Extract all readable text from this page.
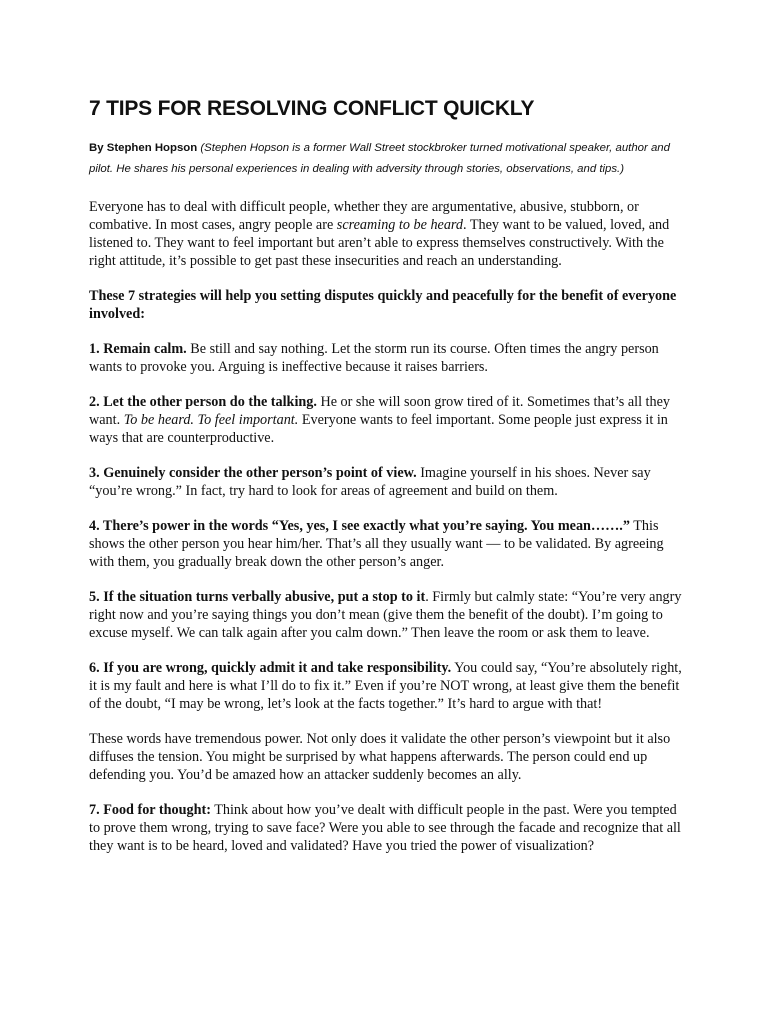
7 TIPS FOR RESOLVING CONFLICT QUICKLY

By Stephen Hopson (Stephen Hopson is a former Wall Street stockbroker turned motivational speaker, author and pilot. He shares his personal experiences in dealing with adversity through stories, observations, and tips.)

Everyone has to deal with difficult people, whether they are argumentative, abusive, stubborn, or combative. In most cases, angry people are screaming to be heard. They want to be valued, loved, and listened to. They want to feel important but aren’t able to express themselves constructively. With the right attitude, it’s possible to get past these insecurities and reach an understanding.

These 7 strategies will help you setting disputes quickly and peacefully for the benefit of everyone involved:

1. Remain calm. Be still and say nothing. Let the storm run its course. Often times the angry person wants to provoke you. Arguing is ineffective because it raises barriers.

2. Let the other person do the talking. He or she will soon grow tired of it. Sometimes that’s all they want. To be heard. To feel important. Everyone wants to feel important. Some people just express it in ways that are counterproductive.

3. Genuinely consider the other person’s point of view. Imagine yourself in his shoes. Never say “you’re wrong.” In fact, try hard to look for areas of agreement and build on them.

4. There’s power in the words “Yes, yes, I see exactly what you’re saying. You mean…….” This shows the other person you hear him/her. That’s all they usually want — to be validated. By agreeing with them, you gradually break down the other person’s anger.

5. If the situation turns verbally abusive, put a stop to it. Firmly but calmly state: “You’re very angry right now and you’re saying things you don’t mean (give them the benefit of the doubt). I’m going to excuse myself. We can talk again after you calm down.” Then leave the room or ask them to leave.

6. If you are wrong, quickly admit it and take responsibility. You could say, “You’re absolutely right, it is my fault and here is what I’ll do to fix it.” Even if you’re NOT wrong, at least give them the benefit of the doubt, “I may be wrong, let’s look at the facts together.” It’s hard to argue with that!

These words have tremendous power. Not only does it validate the other person’s viewpoint but it also diffuses the tension. You might be surprised by what happens afterwards. The person could end up defending you. You’d be amazed how an attacker suddenly becomes an ally.

7. Food for thought: Think about how you’ve dealt with difficult people in the past. Were you tempted to prove them wrong, trying to save face? Were you able to see through the facade and recognize that all they want is to be heard, loved and validated? Have you tried the power of visualization?
